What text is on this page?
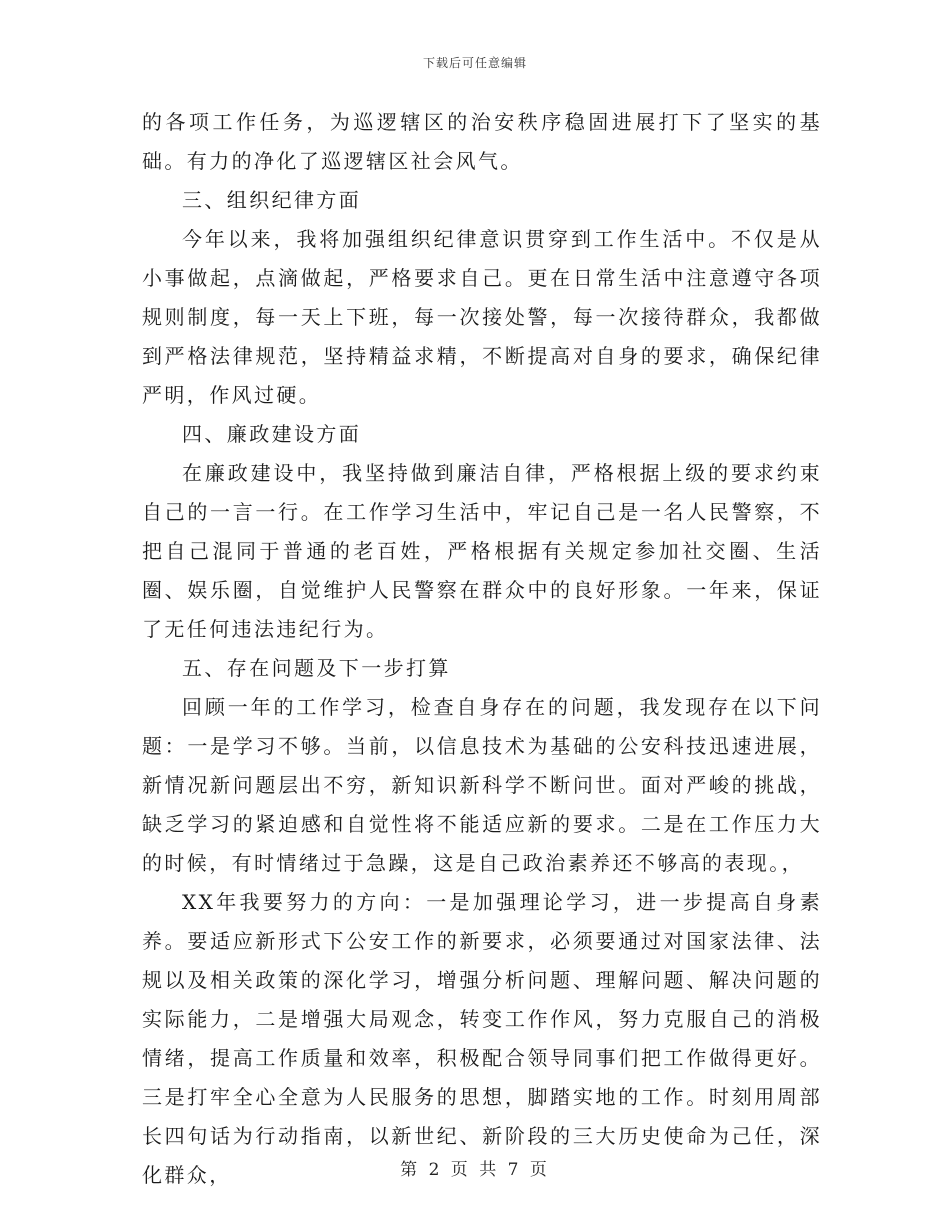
下载后可任意编辑

的各项工作任务，为巡逻辖区的治安秩序稳固进展打下了坚实的基础。有力的净化了巡逻辖区社会风气。

三、组织纪律方面

今年以来，我将加强组织纪律意识贯穿到工作生活中。不仅是从小事做起，点滴做起，严格要求自己。更在日常生活中注意遵守各项规则制度，每一天上下班，每一次接处警，每一次接待群众，我都做到严格法律规范，坚持精益求精，不断提高对自身的要求，确保纪律严明，作风过硬。

四、廉政建设方面

在廉政建设中，我坚持做到廉洁自律，严格根据上级的要求约束自己的一言一行。在工作学习生活中，牢记自己是一名人民警察，不把自己混同于普通的老百姓，严格根据有关规定参加社交圈、生活圈、娱乐圈，自觉维护人民警察在群众中的良好形象。一年来，保证了无任何违法违纪行为。

五、存在问题及下一步打算

回顾一年的工作学习，检查自身存在的问题，我发现存在以下问题：一是学习不够。当前，以信息技术为基础的公安科技迅速进展，新情况新问题层出不穷，新知识新科学不断问世。面对严峻的挑战，缺乏学习的紧迫感和自觉性将不能适应新的要求。二是在工作压力大的时候，有时情绪过于急躁，这是自己政治素养还不够高的表现。，

XX年我要努力的方向：一是加强理论学习，进一步提高自身素养。要适应新形式下公安工作的新要求，必须要通过对国家法律、法规以及相关政策的深化学习，增强分析问题、理解问题、解决问题的实际能力，二是增强大局观念，转变工作作风，努力克服自己的消极情绪，提高工作质量和效率，积极配合领导同事们把工作做得更好。三是打牢全心全意为人民服务的思想，脚踏实地的工作。时刻用周部长四句话为行动指南，以新世纪、新阶段的三大历史使命为己任，深化群众，	第 2 页 共 7 页
